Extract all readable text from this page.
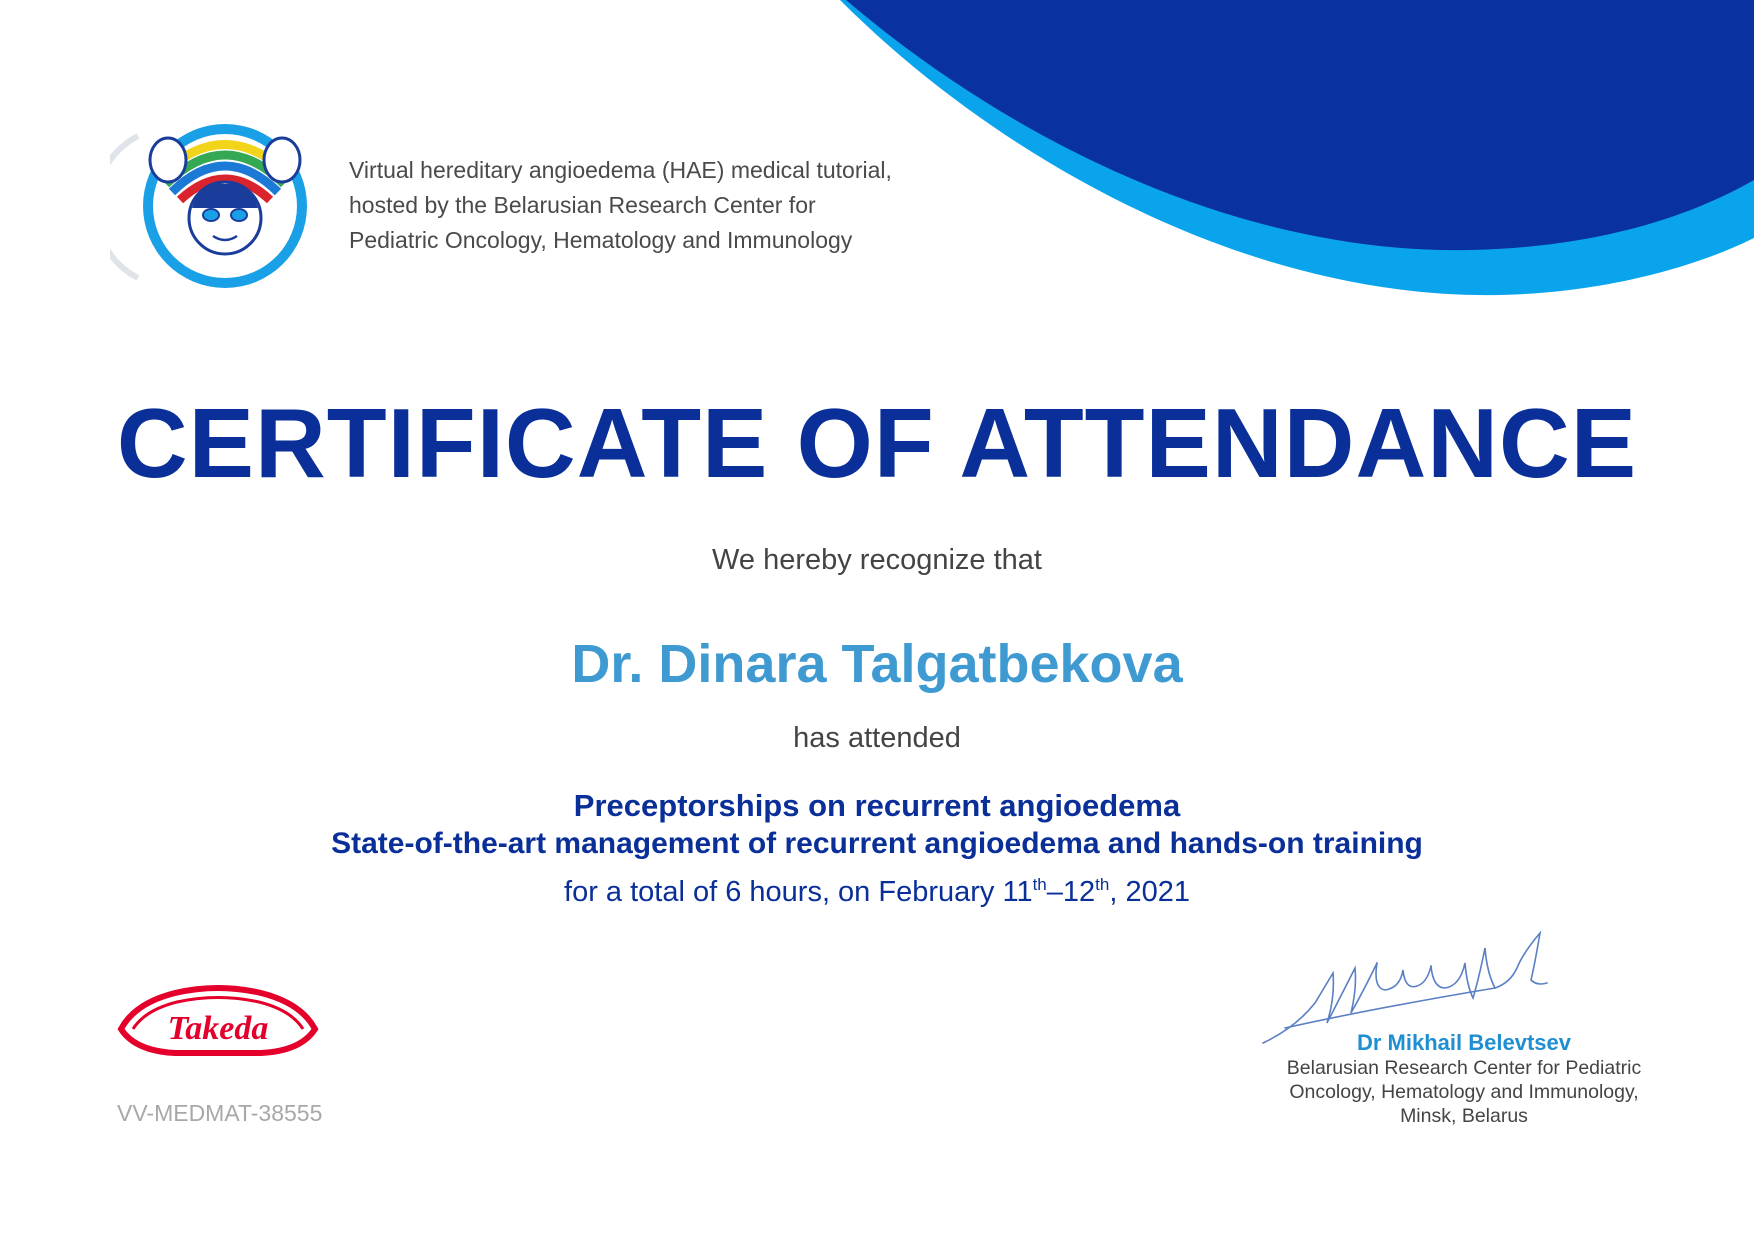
Virtual hereditary angioedema (HAE) medical tutorial,
hosted by the Belarusian Research Center for
Pediatric Oncology, Hematology and Immunology
CERTIFICATE OF ATTENDANCE
We hereby recognize that
Dr. Dinara Talgatbekova
has attended
Preceptorships on recurrent angioedema
State-of-the-art management of recurrent angioedema and hands-on training
for a total of 6 hours, on February 11th–12th, 2021
Takeda
VV-MEDMAT-38555
Dr Mikhail Belevtsev
Belarusian Research Center for Pediatric
Oncology, Hematology and Immunology,
Minsk, Belarus
